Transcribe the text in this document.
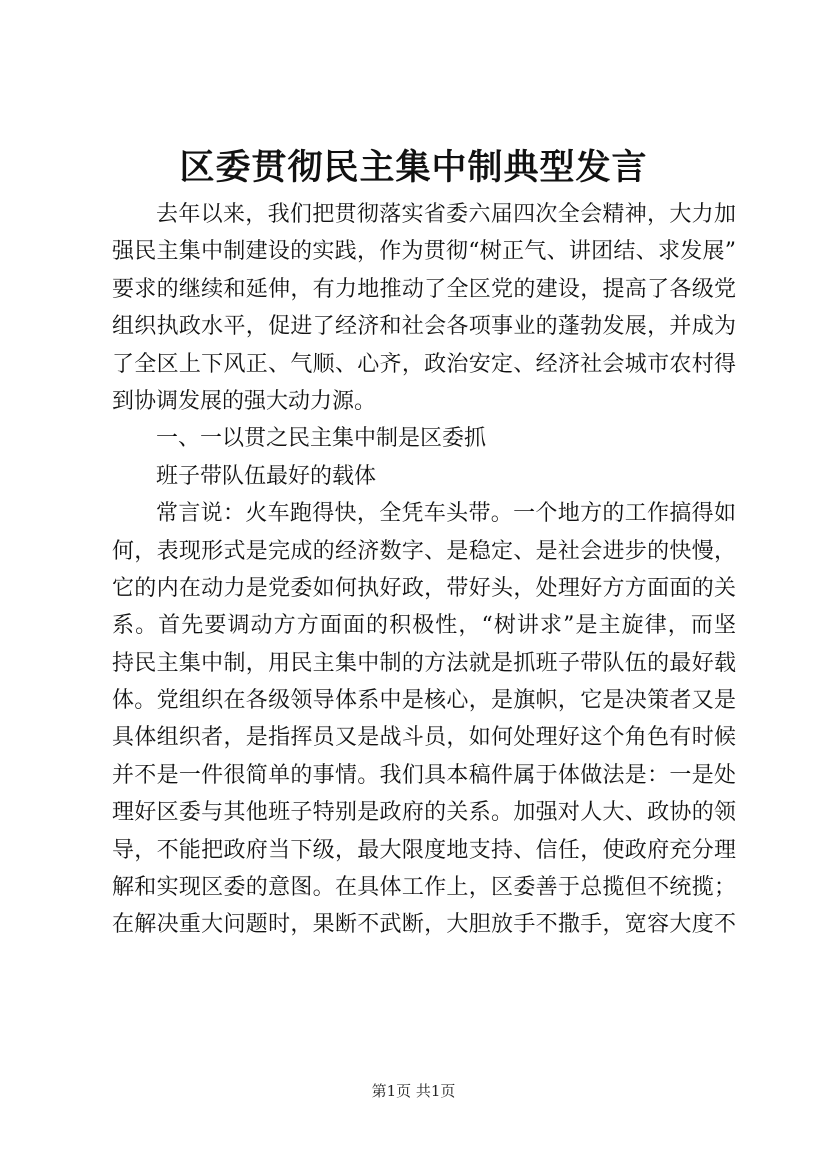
区委贯彻民主集中制典型发言
去年以来，我们把贯彻落实省委六届四次全会精神，大力加
强民主集中制建设的实践，作为贯彻“树正气、讲团结、求发展”
要求的继续和延伸，有力地推动了全区党的建设，提高了各级党
组织执政水平，促进了经济和社会各项事业的蓬勃发展，并成为
了全区上下风正、气顺、心齐，政治安定、经济社会城市农村得
到协调发展的强大动力源。
一、一以贯之民主集中制是区委抓
班子带队伍最好的载体
常言说：火车跑得快，全凭车头带。一个地方的工作搞得如
何，表现形式是完成的经济数字、是稳定、是社会进步的快慢，
它的内在动力是党委如何执好政，带好头，处理好方方面面的关
系。首先要调动方方面面的积极性，“树讲求”是主旋律，而坚
持民主集中制，用民主集中制的方法就是抓班子带队伍的最好载
体。党组织在各级领导体系中是核心，是旗帜，它是决策者又是
具体组织者，是指挥员又是战斗员，如何处理好这个角色有时候
并不是一件很简单的事情。我们具本稿件属于体做法是：一是处
理好区委与其他班子特别是政府的关系。加强对人大、政协的领
导，不能把政府当下级，最大限度地支持、信任，使政府充分理
解和实现区委的意图。在具体工作上，区委善于总揽但不统揽；
在解决重大问题时，果断不武断，大胆放手不撒手，宽容大度不
第1页 共1页
